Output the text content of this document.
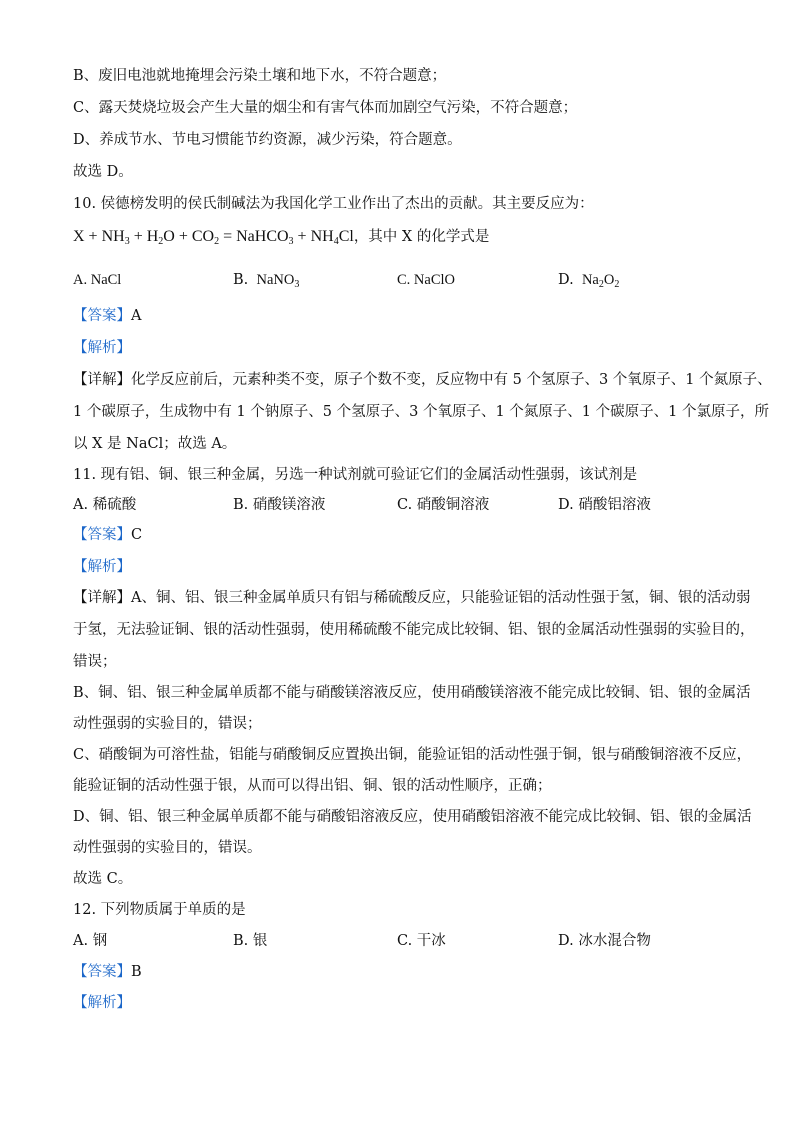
B、废旧电池就地掩埋会污染土壤和地下水，不符合题意；
C、露天焚烧垃圾会产生大量的烟尘和有害气体而加剧空气污染，不符合题意；
D、养成节水、节电习惯能节约资源，减少污染，符合题意。
故选 D。
10. 侯德榜发明的侯氏制碱法为我国化学工业作出了杰出的贡献。其主要反应为：
$X + NH_3 + H_2O + CO_2$ = NaHCO$_3$ + $NH_4Cl$，其中 X 的化学式是
A. NaCl	B.  NaNO$_3$	C. NaClO	D.  $Na_2O_2$
【答案】A
【解析】
【详解】化学反应前后，元素种类不变，原子个数不变，反应物中有 5 个氢原子、3 个氧原子、1 个氮原子、
1 个碳原子，生成物中有 1 个钠原子、5 个氢原子、3 个氧原子、1 个氮原子、1 个碳原子、1 个氯原子，所
以 X 是 NaCl；故选 A。
11. 现有铝、铜、银三种金属，另选一种试剂就可验证它们的金属活动性强弱，该试剂是
A. 稀硫酸	B. 硝酸镁溶液	C. 硝酸铜溶液	D. 硝酸铝溶液
【答案】C
【解析】
【详解】A、铜、铝、银三种金属单质只有铝与稀硫酸反应，只能验证铝的活动性强于氢，铜、银的活动弱
于氢，无法验证铜、银的活动性强弱，使用稀硫酸不能完成比较铜、铝、银的金属活动性强弱的实验目的，
错误；
B、铜、铝、银三种金属单质都不能与硝酸镁溶液反应，使用硝酸镁溶液不能完成比较铜、铝、银的金属活
动性强弱的实验目的，错误；
C、硝酸铜为可溶性盐，铝能与硝酸铜反应置换出铜，能验证铝的活动性强于铜，银与硝酸铜溶液不反应，
能验证铜的活动性强于银，从而可以得出铝、铜、银的活动性顺序，正确；
D、铜、铝、银三种金属单质都不能与硝酸铝溶液反应，使用硝酸铝溶液不能完成比较铜、铝、银的金属活
动性强弱的实验目的，错误。
故选 C。
12. 下列物质属于单质的是
A. 钢	B. 银	C. 干冰	D. 冰水混合物
【答案】B
【解析】
